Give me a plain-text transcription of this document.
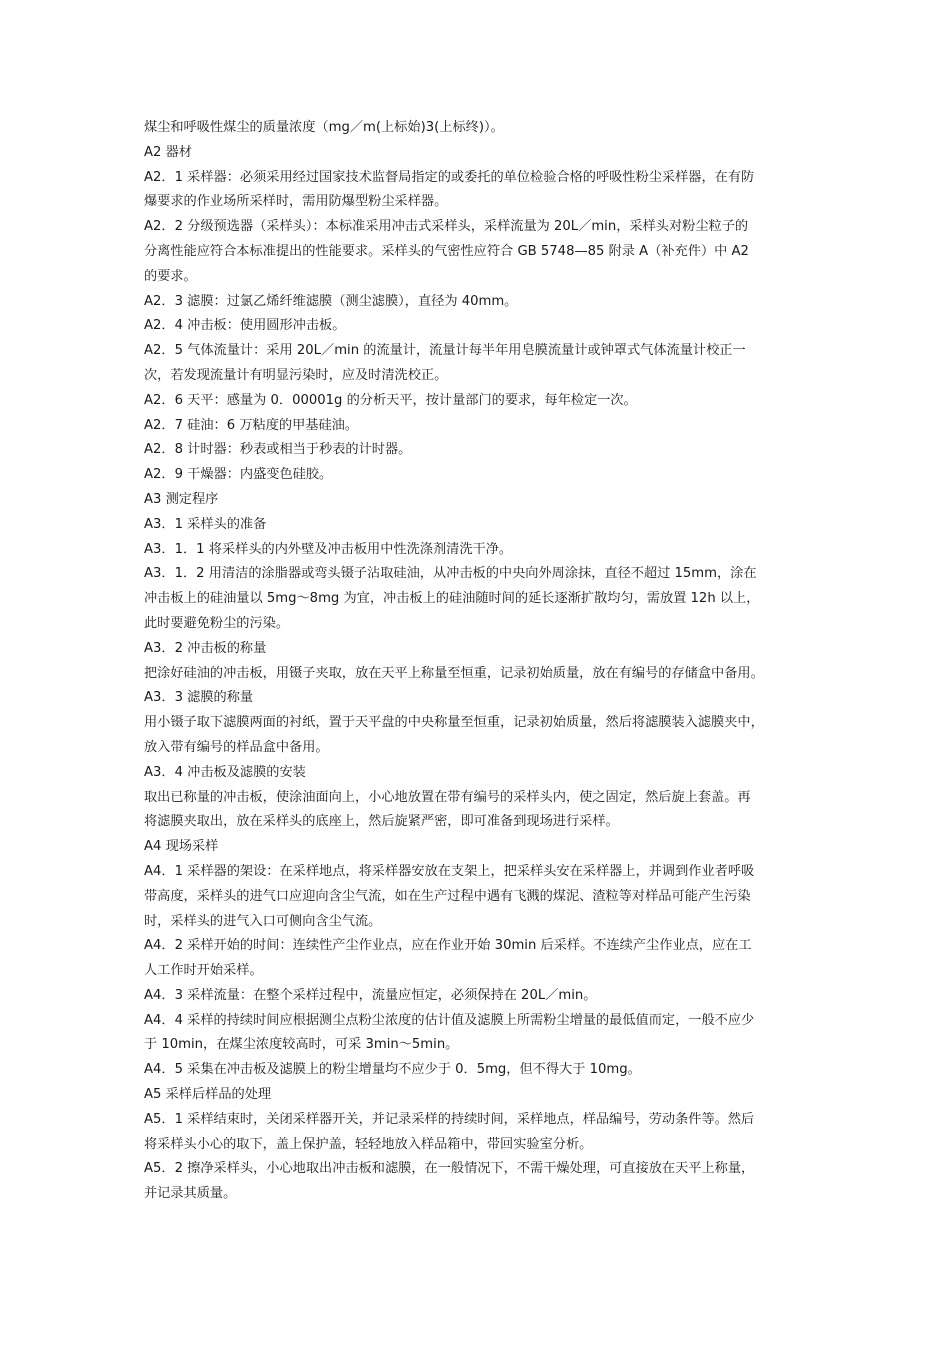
煤尘和呼吸性煤尘的质量浓度（mg／m(上标始)3(上标终)）。
A2 器材
A2．1 采样器：必须采用经过国家技术监督局指定的或委托的单位检验合格的呼吸性粉尘采样器，在有防
爆要求的作业场所采样时，需用防爆型粉尘采样器。
A2．2 分级预选器（采样头）：本标准采用冲击式采样头，采样流量为 20L／min，采样头对粉尘粒子的
分离性能应符合本标准提出的性能要求。采样头的气密性应符合 GB 5748—85 附录 A（补充件）中 A2
的要求。
A2．3 滤膜：过氯乙烯纤维滤膜（测尘滤膜），直径为 40mm。
A2．4 冲击板：使用圆形冲击板。
A2．5 气体流量计：采用 20L／min 的流量计，流量计每半年用皂膜流量计或钟罩式气体流量计校正一
次，若发现流量计有明显污染时，应及时清洗校正。
A2．6 天平：感量为 0．00001g 的分析天平，按计量部门的要求，每年检定一次。
A2．7 硅油：6 万粘度的甲基硅油。
A2．8 计时器：秒表或相当于秒表的计时器。
A2．9 干燥器：内盛变色硅胶。
A3 测定程序
A3．1 采样头的准备
A3．1．1 将采样头的内外壁及冲击板用中性洗涤剂清洗干净。
A3．1．2 用清洁的涂脂器或弯头镊子沾取硅油，从冲击板的中央向外周涂抹，直径不超过 15mm，涂在
冲击板上的硅油量以 5mg～8mg 为宜，冲击板上的硅油随时间的延长逐渐扩散均匀，需放置 12h 以上，
此时要避免粉尘的污染。
A3．2 冲击板的称量
把涂好硅油的冲击板，用镊子夹取，放在天平上称量至恒重，记录初始质量，放在有编号的存储盒中备用。
A3．3 滤膜的称量
用小镊子取下滤膜两面的衬纸，置于天平盘的中央称量至恒重，记录初始质量，然后将滤膜装入滤膜夹中，
放入带有编号的样品盒中备用。
A3．4 冲击板及滤膜的安装
取出已称量的冲击板，使涂油面向上，小心地放置在带有编号的采样头内，使之固定，然后旋上套盖。再
将滤膜夹取出，放在采样头的底座上，然后旋紧严密，即可准备到现场进行采样。
A4 现场采样
A4．1 采样器的架设：在采样地点，将采样器安放在支架上，把采样头安在采样器上，并调到作业者呼吸
带高度，采样头的进气口应迎向含尘气流，如在生产过程中遇有飞溅的煤泥、渣粒等对样品可能产生污染
时，采样头的进气入口可侧向含尘气流。
A4．2 采样开始的时间：连续性产尘作业点，应在作业开始 30min 后采样。不连续产尘作业点，应在工
人工作时开始采样。
A4．3 采样流量：在整个采样过程中，流量应恒定，必须保持在 20L／min。
A4．4 采样的持续时间应根据测尘点粉尘浓度的估计值及滤膜上所需粉尘增量的最低值而定，一般不应少
于 10min，在煤尘浓度较高时，可采 3min～5min。
A4．5 采集在冲击板及滤膜上的粉尘增量均不应少于 0．5mg，但不得大于 10mg。
A5 采样后样品的处理
A5．1 采样结束时，关闭采样器开关，并记录采样的持续时间，采样地点，样品编号，劳动条件等。然后
将采样头小心的取下，盖上保护盖，轻轻地放入样品箱中，带回实验室分析。
A5．2 擦净采样头，小心地取出冲击板和滤膜，在一般情况下，不需干燥处理，可直接放在天平上称量，
并记录其质量。
